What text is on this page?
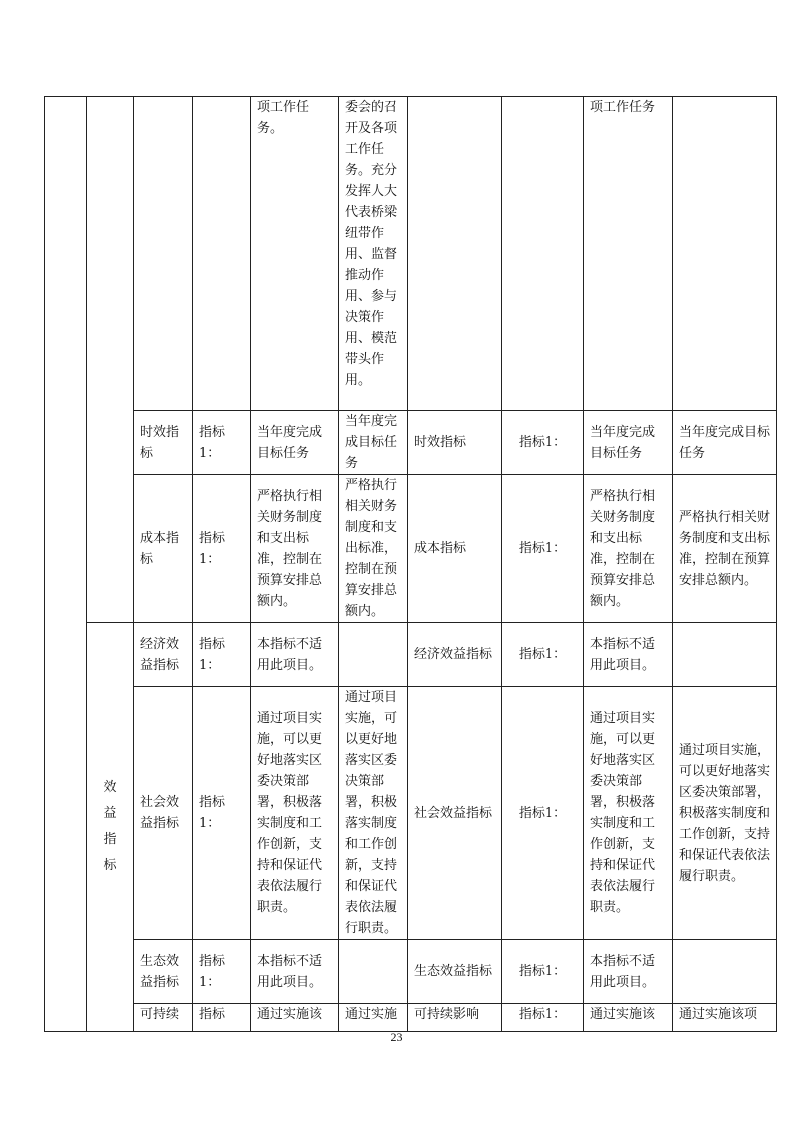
				项工作任务。	委会的召开及各项工作任务。充分发挥人大代表桥梁纽带作用、监督推动作用、参与决策作用、模范带头作用。			项工作任务	
		时效指标	指标1：	当年度完成目标任务	当年度完成目标任务	时效指标	指标1：	当年度完成目标任务	当年度完成目标任务
		成本指标	指标1：	严格执行相关财务制度和支出标准，控制在预算安排总额内。	严格执行相关财务制度和支出标准，控制在预算安排总额内。	成本指标	指标1：	严格执行相关财务制度和支出标准，控制在预算安排总额内。	严格执行相关财务制度和支出标准，控制在预算安排总额内。
	效益指标	经济效益指标	指标1：	本指标不适用此项目。		经济效益指标	指标1：	本指标不适用此项目。	
		社会效益指标	指标1：	通过项目实施，可以更好地落实区委决策部署，积极落实制度和工作创新，支持和保证代表依法履行职责。	通过项目实施，可以更好地落实区委决策部署，积极落实制度和工作创新，支持和保证代表依法履行职责。	社会效益指标	指标1：	通过项目实施，可以更好地落实区委决策部署，积极落实制度和工作创新，支持和保证代表依法履行职责。	通过项目实施，可以更好地落实区委决策部署，积极落实制度和工作创新，支持和保证代表依法履行职责。
		生态效益指标	指标1：	本指标不适用此项目。		生态效益指标	指标1：	本指标不适用此项目。	
		可持续	指标	通过实施该	通过实施	可持续影响	指标1：	通过实施该	通过实施该项
23
